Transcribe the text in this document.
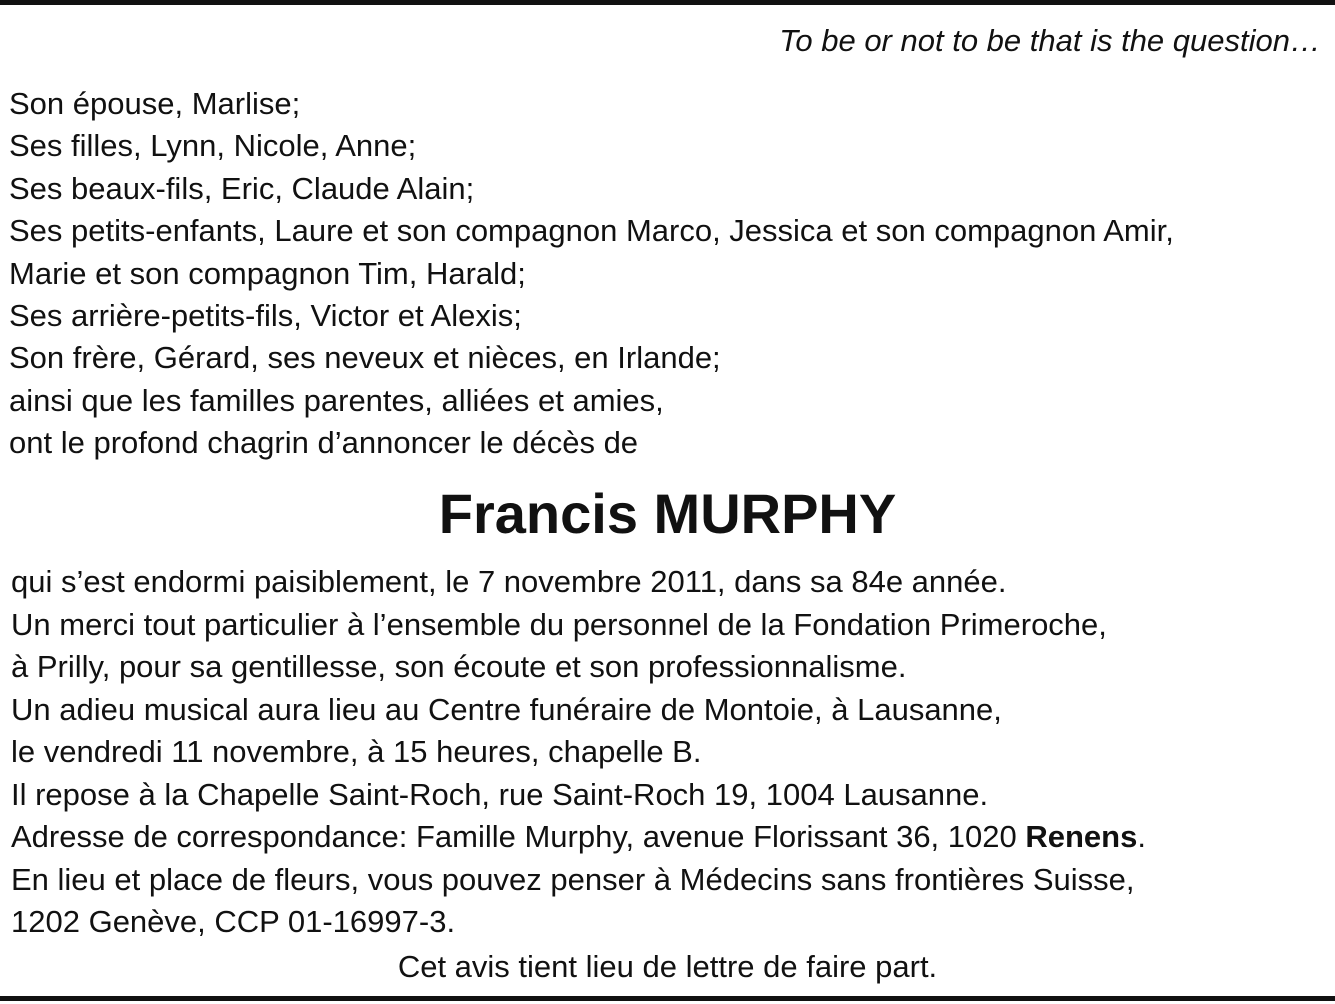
To be or not to be that is the question…
Son épouse, Marlise;
Ses filles, Lynn, Nicole, Anne;
Ses beaux-fils, Eric, Claude Alain;
Ses petits-enfants, Laure et son compagnon Marco, Jessica et son compagnon Amir,
Marie et son compagnon Tim, Harald;
Ses arrière-petits-fils, Victor et Alexis;
Son frère, Gérard, ses neveux et nièces, en Irlande;
ainsi que les familles parentes, alliées et amies,
ont le profond chagrin d’annoncer le décès de
Francis MURPHY
qui s’est endormi paisiblement, le 7 novembre 2011, dans sa 84e année.
Un merci tout particulier à l’ensemble du personnel de la Fondation Primeroche,
à Prilly, pour sa gentillesse, son écoute et son professionnalisme.
Un adieu musical aura lieu au Centre funéraire de Montoie, à Lausanne,
le vendredi 11 novembre, à 15 heures, chapelle B.
Il repose à la Chapelle Saint-Roch, rue Saint-Roch 19, 1004 Lausanne.
Adresse de correspondance: Famille Murphy, avenue Florissant 36, 1020 Renens.
En lieu et place de fleurs, vous pouvez penser à Médecins sans frontières Suisse,
1202 Genève, CCP 01-16997-3.
Cet avis tient lieu de lettre de faire part.
